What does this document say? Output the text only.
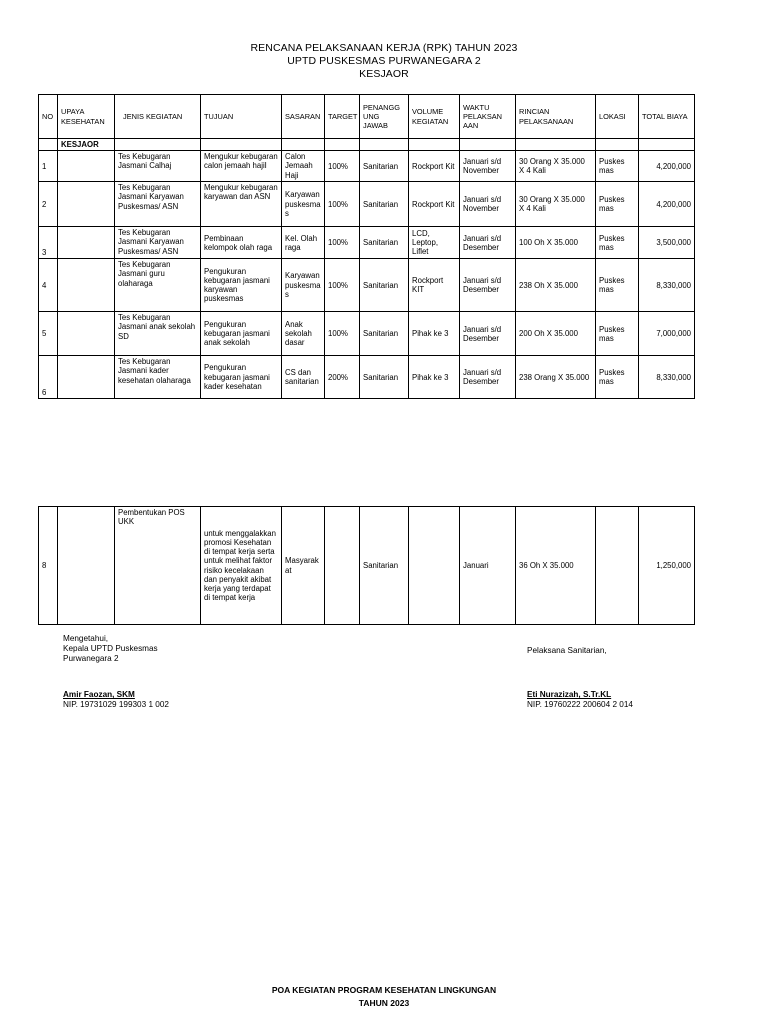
RENCANA PELAKSANAAN KERJA (RPK) TAHUN 2023
UPTD PUSKESMAS PURWANEGARA 2
KESJAOR
NO	UPAYA KESEHATAN	JENIS KEGIATAN	TUJUAN	SASARAN	TARGET	PENANGG UNG JAWAB	VOLUME KEGIATAN	WAKTU PELAKSAN AAN	RINCIAN PELAKSANAAN	LOKASI	TOTAL BIAYA
	KESJAOR										
1		Tes Kebugaran Jasmani Calhaj	Mengukur kebugaran calon jemaah hajiI	Calon Jemaah Haji	100%	Sanitarian	Rockport Kit	Januari s/d November	30 Orang X 35.000 X 4 Kali	Puskes mas	4,200,000
2		Tes Kebugaran Jasmani Karyawan Puskesmas/ ASN	Mengukur kebugaran karyawan dan ASN	Karyawan puskesma s	100%	Sanitarian	Rockport Kit	Januari s/d November	30 Orang X 35.000 X 4 Kali	Puskes mas	4,200,000
3		Tes Kebugaran Jasmani Karyawan Puskesmas/ ASN	Pembinaan kelompok olah raga	Kel. Olah raga	100%	Sanitarian	LCD, Leptop, Liflet	Januari s/d Desember	100 Oh X 35.000	Puskes mas	3,500,000
4		Tes Kebugaran Jasmani guru olaharaga	Pengukuran kebugaran jasmani karyawan puskesmas	Karyawan puskesma s	100%	Sanitarian	Rockport KIT	Januari s/d Desember	238 Oh X 35.000	Puskes mas	8,330,000
5		Tes Kebugaran Jasmani anak sekolah SD	Pengukuran kebugaran jasmani anak sekolah	Anak sekolah dasar	100%	Sanitarian	Pihak ke 3	Januari s/d Desember	200 Oh X 35.000	Puskes mas	7,000,000
6		Tes Kebugaran Jasmani kader kesehatan olaharaga	Pengukuran kebugaran jasmani kader kesehatan	CS dan sanitarian	200%	Sanitarian	Pihak ke 3	Januari s/d Desember	238 Orang X 35.000	Puskes mas	8,330,000
8		Pembentukan POS UKK	untuk menggalakkan promosi Kesehatan di tempat kerja serta untuk melihat faktor risiko kecelakaan dan penyakit akibat kerja yang terdapat di tempat kerja	Masyarak at		Sanitarian		Januari	36 Oh X 35.000		1,250,000
Mengetahui,
Kepala UPTD Puskesmas
Purwanegara 2
Amir Faozan, SKM
NIP. 19731029 199303 1 002
Pelaksana Sanitarian,
Eti Nurazizah, S.Tr.KL
NIP. 19760222 200604 2 014
POA KEGIATAN PROGRAM KESEHATAN LINGKUNGAN
TAHUN 2023
